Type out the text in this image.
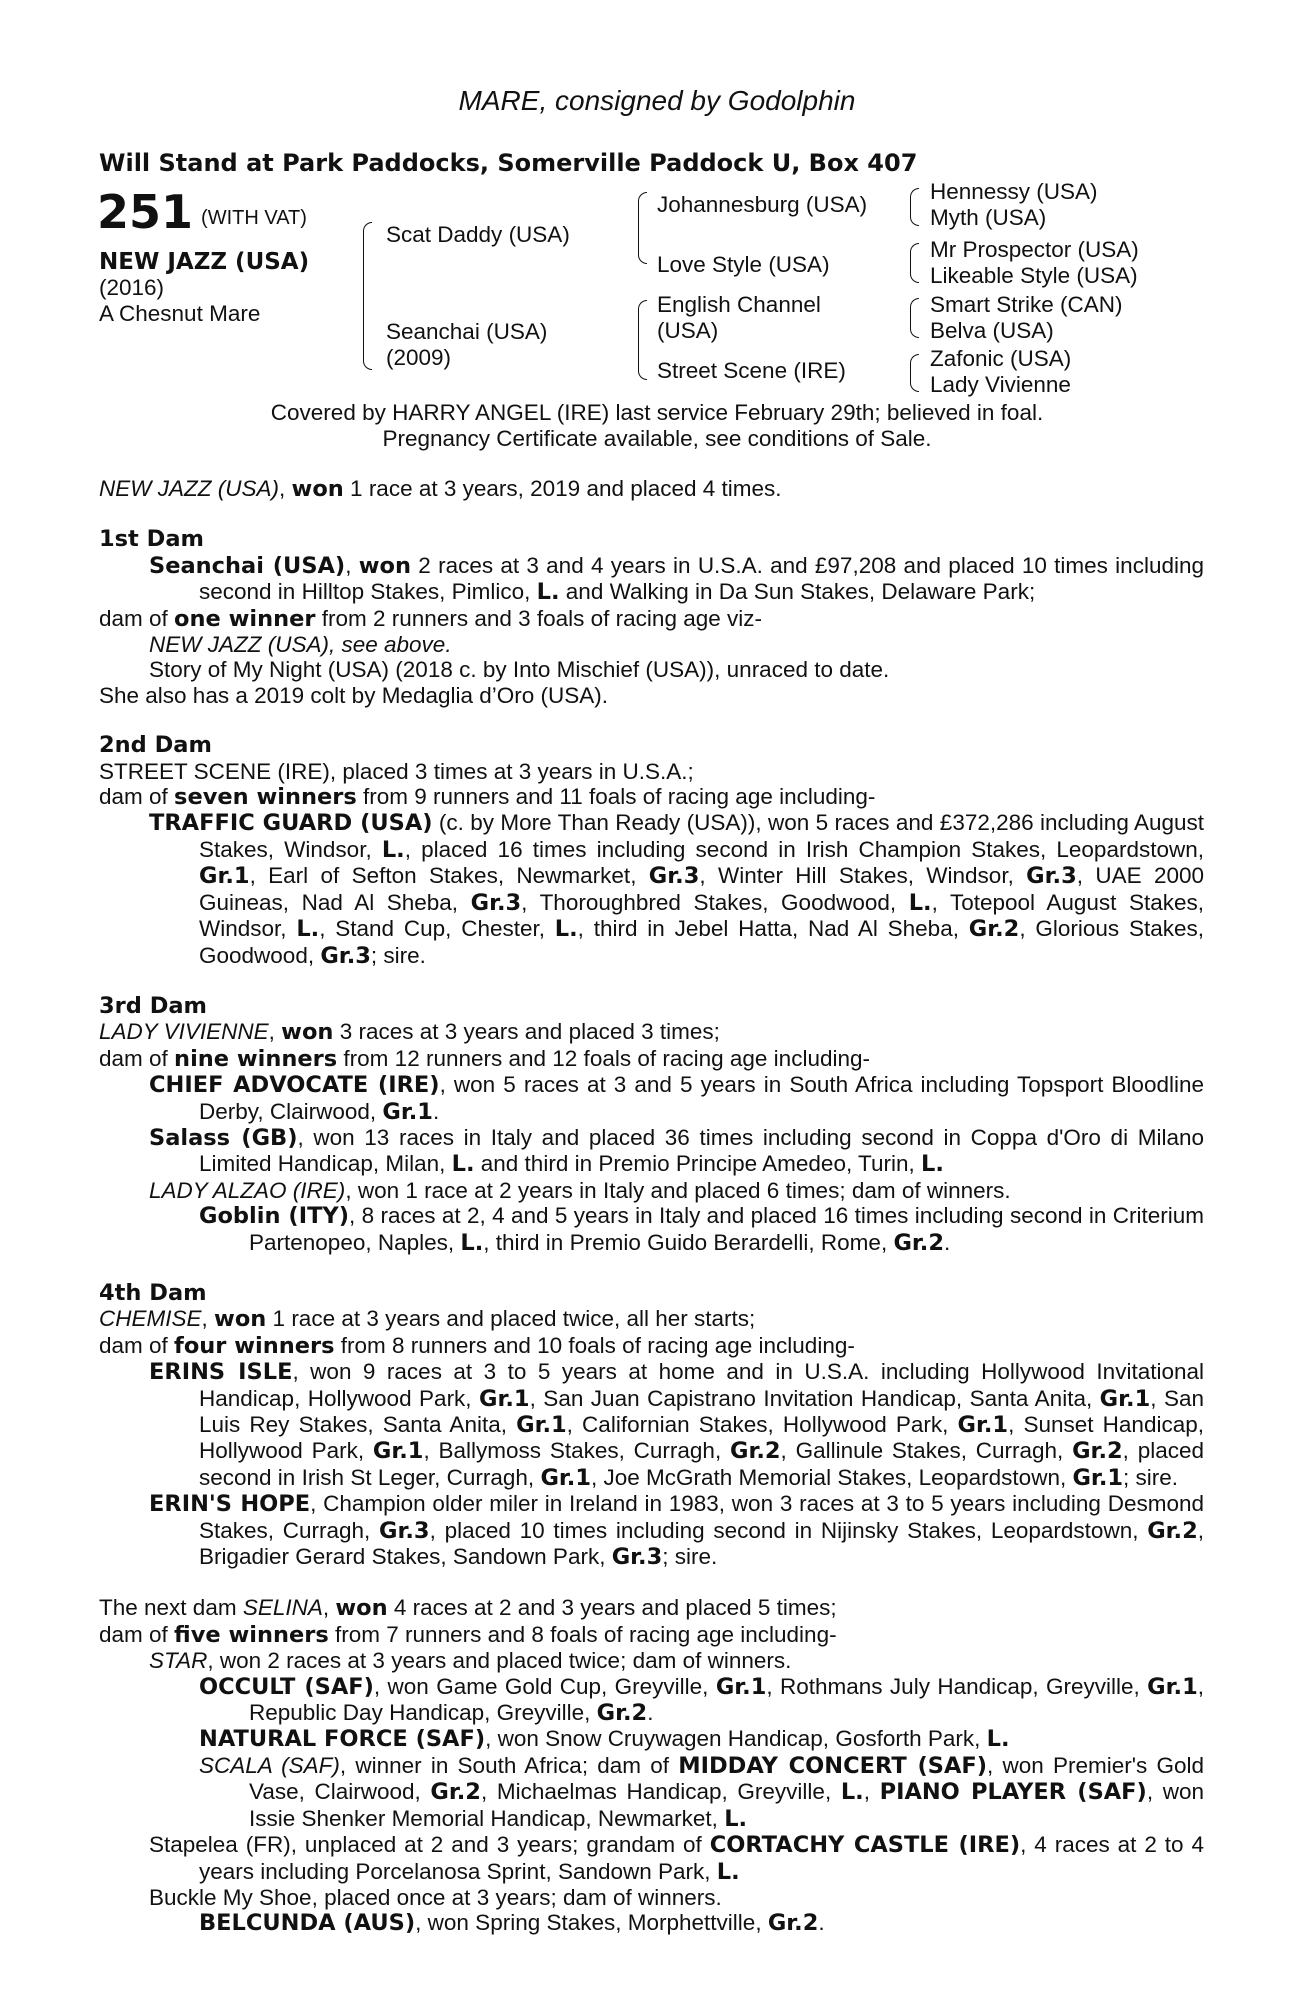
MARE, consigned by Godolphin
Will Stand at Park Paddocks, Somerville Paddock U, Box 407
251 (WITH VAT)
NEW JAZZ (USA)
(2016)
A Chesnut Mare
Scat Daddy (USA)
Seanchai (USA)
(2009)
Johannesburg (USA)
Love Style (USA)
English Channel
(USA)
Street Scene (IRE)
Hennessy (USA)
Myth (USA)
Mr Prospector (USA)
Likeable Style (USA)
Smart Strike (CAN)
Belva (USA)
Zafonic (USA)
Lady Vivienne
Covered by HARRY ANGEL (IRE) last service February 29th; believed in foal.
Pregnancy Certificate available, see conditions of Sale.

NEW JAZZ (USA), won 1 race at 3 years, 2019 and placed 4 times.

1st Dam

Seanchai (USA), won 2 races at 3 and 4 years in U.S.A. and £97,208 and placed 10 times including second in Hilltop Stakes, Pimlico, L. and Walking in Da Sun Stakes, Delaware Park;

dam of one winner from 2 runners and 3 foals of racing age viz-

NEW JAZZ (USA), see above.

Story of My Night (USA) (2018 c. by Into Mischief (USA)), unraced to date.

She also has a 2019 colt by Medaglia d’Oro (USA).

2nd Dam

STREET SCENE (IRE), placed 3 times at 3 years in U.S.A.;

dam of seven winners from 9 runners and 11 foals of racing age including-

TRAFFIC GUARD (USA) (c. by More Than Ready (USA)), won 5 races and £372,286 including August Stakes, Windsor, L., placed 16 times including second in Irish Champion Stakes, Leopardstown, Gr.1, Earl of Sefton Stakes, Newmarket, Gr.3, Winter Hill Stakes, Windsor, Gr.3, UAE 2000 Guineas, Nad Al Sheba, Gr.3, Thoroughbred Stakes, Goodwood, L., Totepool August Stakes, Windsor, L., Stand Cup, Chester, L., third in Jebel Hatta, Nad Al Sheba, Gr.2, Glorious Stakes, Goodwood, Gr.3; sire.

3rd Dam

LADY VIVIENNE, won 3 races at 3 years and placed 3 times;

dam of nine winners from 12 runners and 12 foals of racing age including-

CHIEF ADVOCATE (IRE), won 5 races at 3 and 5 years in South Africa including Topsport Bloodline Derby, Clairwood, Gr.1.

Salass (GB), won 13 races in Italy and placed 36 times including second in Coppa d'Oro di Milano Limited Handicap, Milan, L. and third in Premio Principe Amedeo, Turin, L.

LADY ALZAO (IRE), won 1 race at 2 years in Italy and placed 6 times; dam of winners.

Goblin (ITY), 8 races at 2, 4 and 5 years in Italy and placed 16 times including second in Criterium Partenopeo, Naples, L., third in Premio Guido Berardelli, Rome, Gr.2.

4th Dam

CHEMISE, won 1 race at 3 years and placed twice, all her starts;

dam of four winners from 8 runners and 10 foals of racing age including-

ERINS ISLE, won 9 races at 3 to 5 years at home and in U.S.A. including Hollywood Invitational Handicap, Hollywood Park, Gr.1, San Juan Capistrano Invitation Handicap, Santa Anita, Gr.1, San Luis Rey Stakes, Santa Anita, Gr.1, Californian Stakes, Hollywood Park, Gr.1, Sunset Handicap, Hollywood Park, Gr.1, Ballymoss Stakes, Curragh, Gr.2, Gallinule Stakes, Curragh, Gr.2, placed second in Irish St Leger, Curragh, Gr.1, Joe McGrath Memorial Stakes, Leopardstown, Gr.1; sire.

ERIN'S HOPE, Champion older miler in Ireland in 1983, won 3 races at 3 to 5 years including Desmond Stakes, Curragh, Gr.3, placed 10 times including second in Nijinsky Stakes, Leopardstown, Gr.2, Brigadier Gerard Stakes, Sandown Park, Gr.3; sire.

The next dam SELINA, won 4 races at 2 and 3 years and placed 5 times;

dam of five winners from 7 runners and 8 foals of racing age including-

STAR, won 2 races at 3 years and placed twice; dam of winners.

OCCULT (SAF), won Game Gold Cup, Greyville, Gr.1, Rothmans July Handicap, Greyville, Gr.1, Republic Day Handicap, Greyville, Gr.2.

NATURAL FORCE (SAF), won Snow Cruywagen Handicap, Gosforth Park, L.

SCALA (SAF), winner in South Africa; dam of MIDDAY CONCERT (SAF), won Premier's Gold Vase, Clairwood, Gr.2, Michaelmas Handicap, Greyville, L., PIANO PLAYER (SAF), won Issie Shenker Memorial Handicap, Newmarket, L.

Stapelea (FR), unplaced at 2 and 3 years; grandam of CORTACHY CASTLE (IRE), 4 races at 2 to 4 years including Porcelanosa Sprint, Sandown Park, L.

Buckle My Shoe, placed once at 3 years; dam of winners.

BELCUNDA (AUS), won Spring Stakes, Morphettville, Gr.2.
